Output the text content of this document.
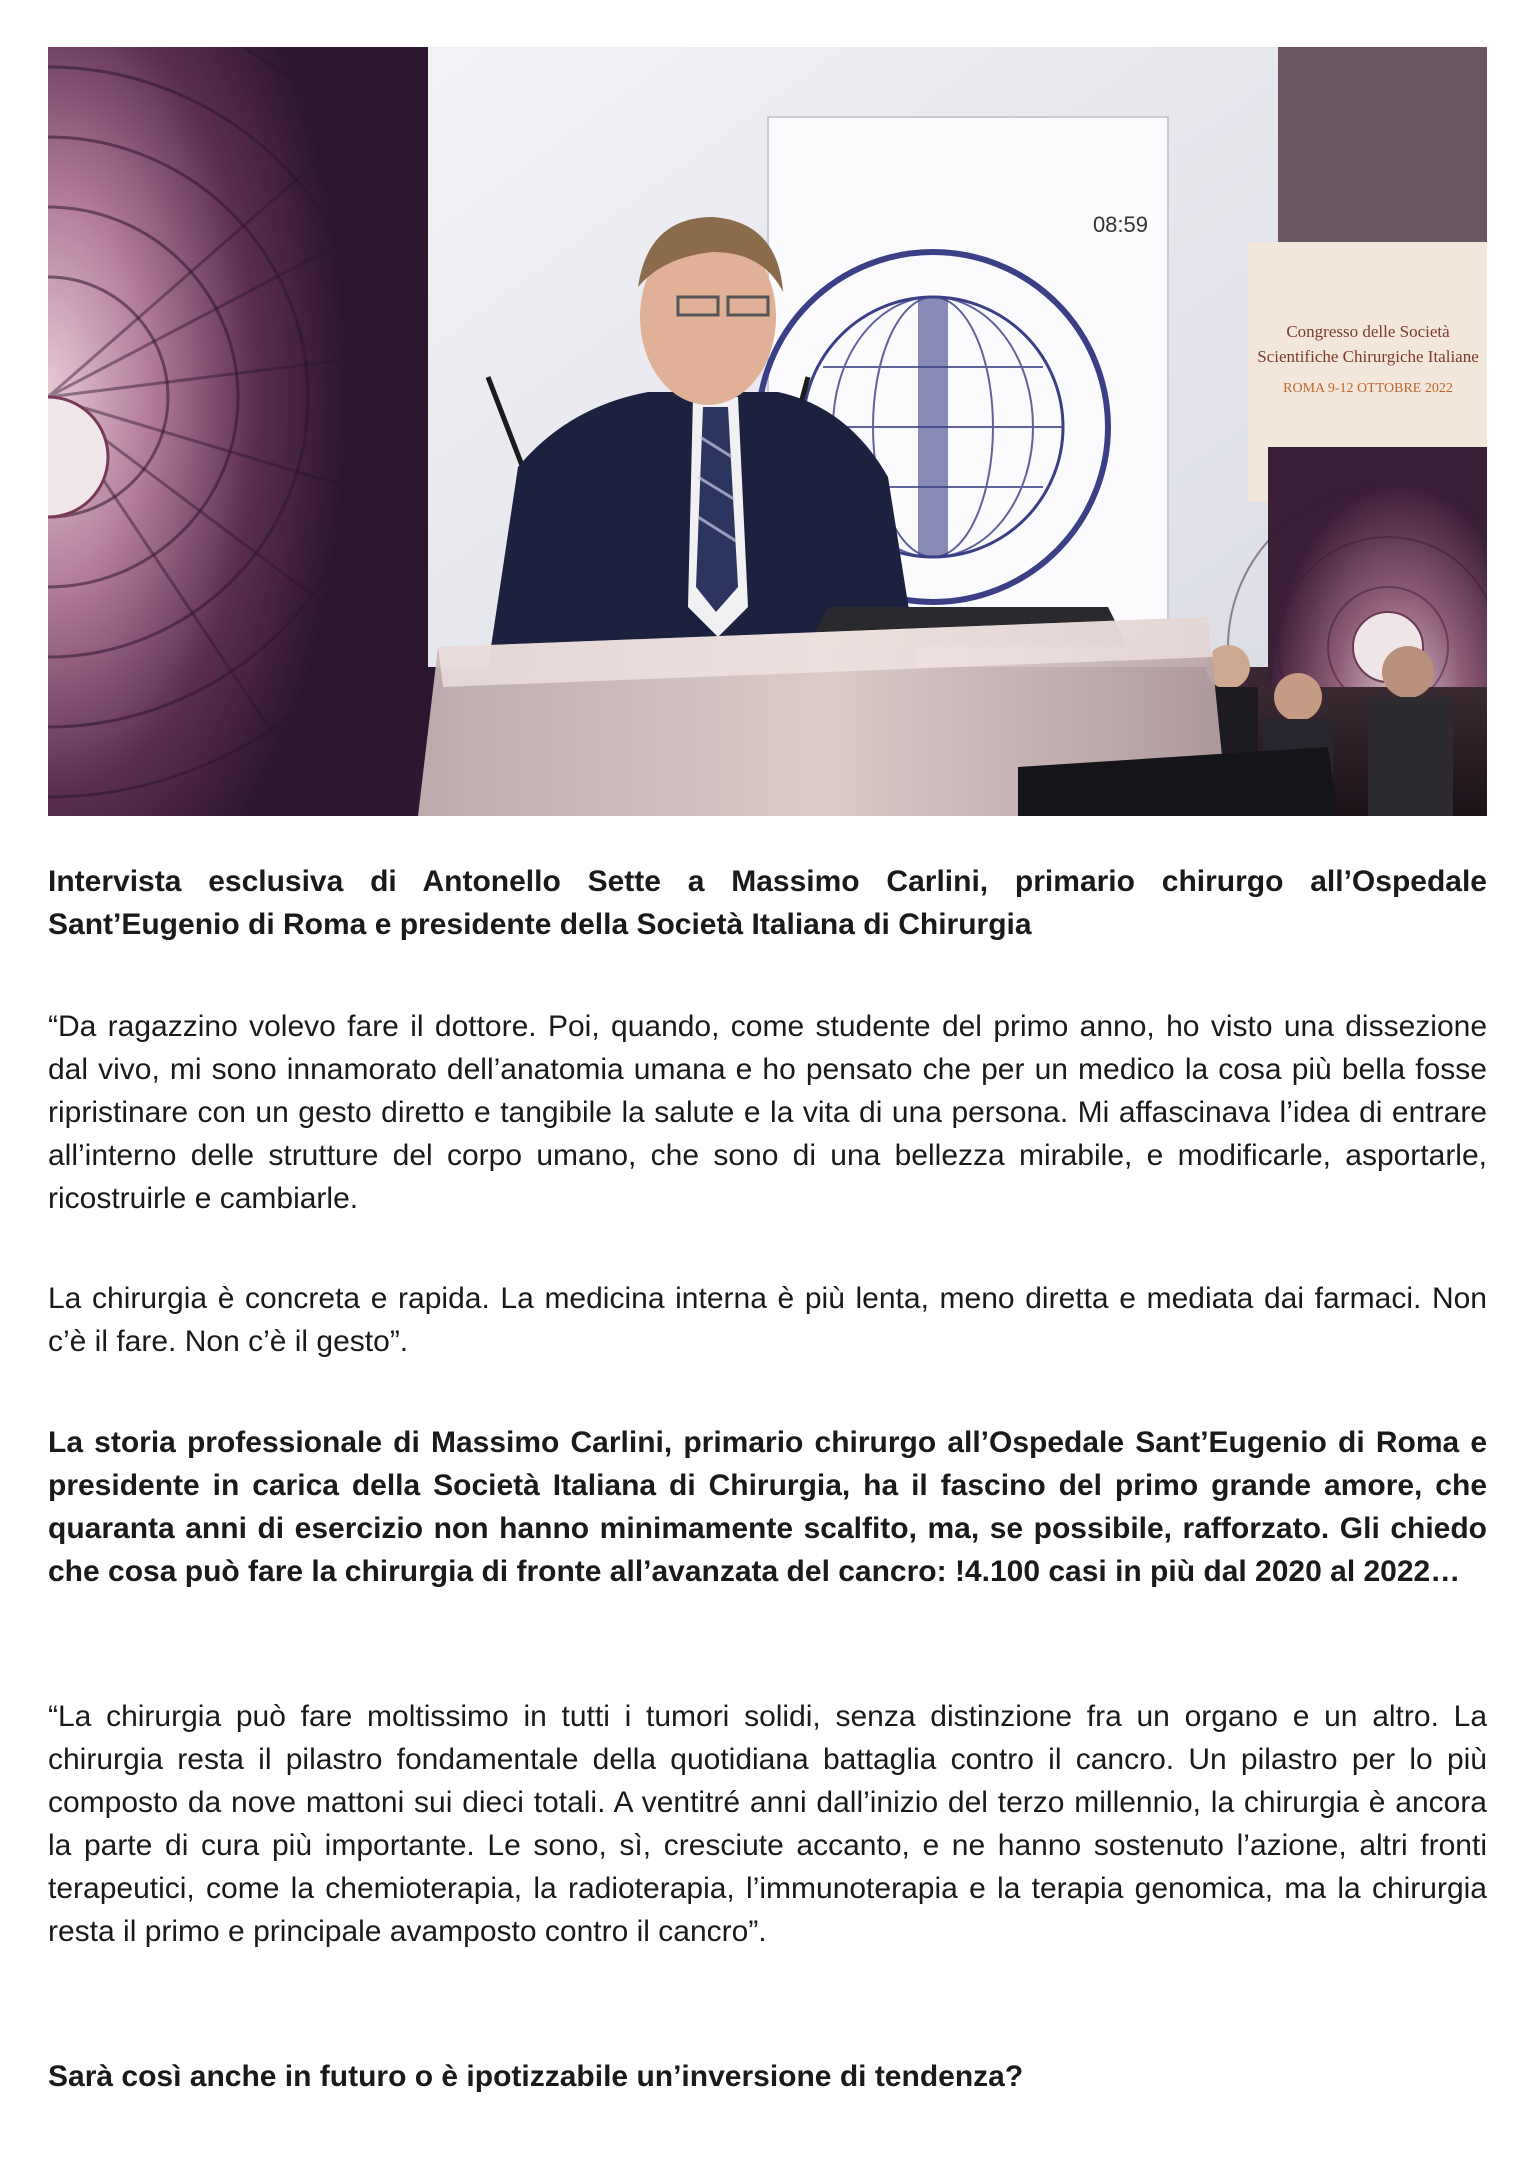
08:59
Congresso delle Società
Scientifiche Chirurgiche Italiane
ROMA 9-12 OTTOBRE 2022

Intervista esclusiva di Antonello Sette a Massimo Carlini, primario chirurgo all’Ospedale Sant’Eugenio di Roma e presidente della Società Italiana di Chirurgia

“Da ragazzino volevo fare il dottore. Poi, quando, come studente del primo anno, ho visto una dissezione dal vivo, mi sono innamorato dell’anatomia umana e ho pensato che per un medico la cosa più bella fosse ripristinare con un gesto diretto e tangibile la salute e la vita di una persona. Mi affascinava l’idea di entrare all’interno delle strutture del corpo umano, che sono di una bellezza mirabile, e modificarle, asportarle, ricostruirle e cambiarle.

La chirurgia è concreta e rapida. La medicina interna è più lenta, meno diretta e mediata dai farmaci. Non c’è il fare. Non c’è il gesto”.

La storia professionale di Massimo Carlini, primario chirurgo all’Ospedale Sant’Eugenio di Roma e presidente in carica della Società Italiana di Chirurgia, ha il fascino del primo grande amore, che quaranta anni di esercizio non hanno minimamente scalfito, ma, se possibile, rafforzato. Gli chiedo che cosa può fare la chirurgia di fronte all’avanzata del cancro: !4.100 casi in più dal 2020 al 2022…

“La chirurgia può fare moltissimo in tutti i tumori solidi, senza distinzione fra un organo e un altro. La chirurgia resta il pilastro fondamentale della quotidiana battaglia contro il cancro. Un pilastro per lo più composto da nove mattoni sui dieci totali. A ventitré anni dall’inizio del terzo millennio, la chirurgia è ancora la parte di cura più importante. Le sono, sì, cresciute accanto, e ne hanno sostenuto l’azione, altri fronti terapeutici, come la chemioterapia, la radioterapia, l’immunoterapia e la terapia genomica, ma la chirurgia resta il primo e principale avamposto contro il cancro”.

Sarà così anche in futuro o è ipotizzabile un’inversione di tendenza?
